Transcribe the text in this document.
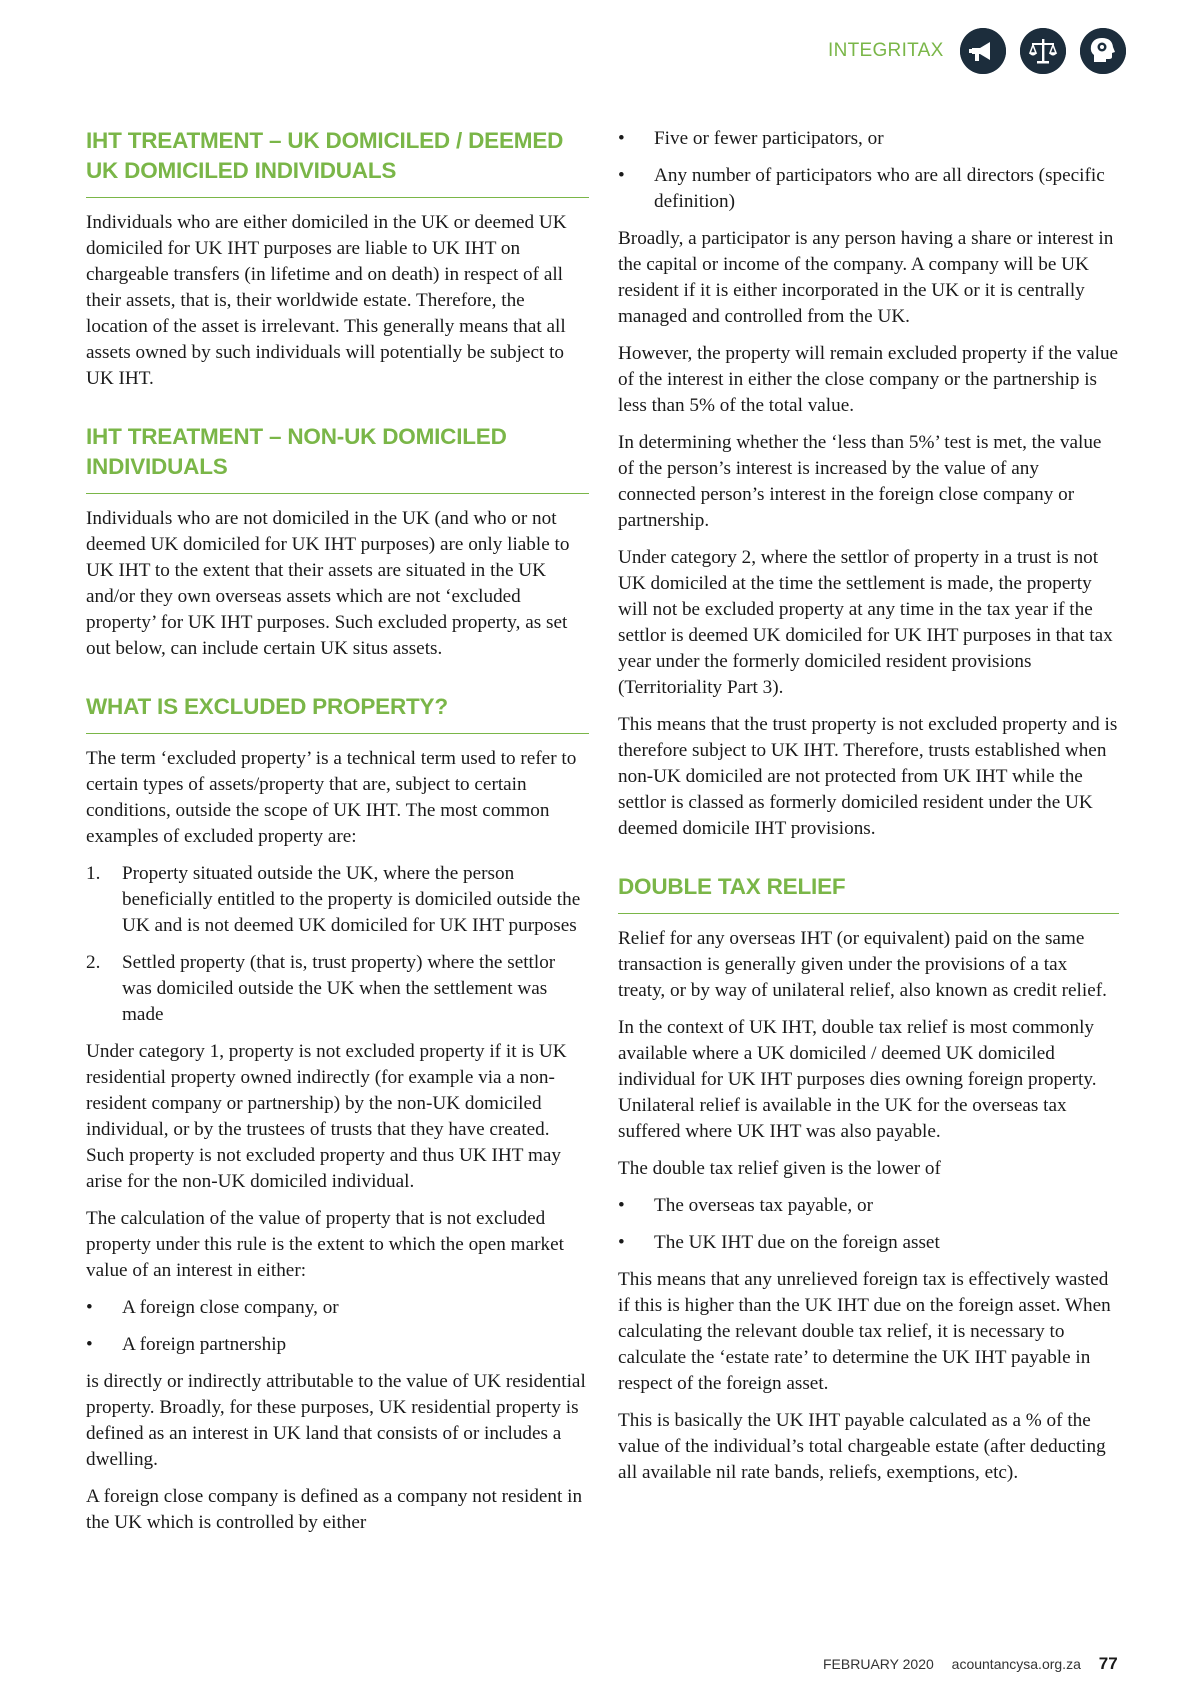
INTEGRITAX
IHT TREATMENT – UK DOMICILED / DEEMED UK DOMICILED INDIVIDUALS

Individuals who are either domiciled in the UK or deemed UK domiciled for UK IHT purposes are liable to UK IHT on chargeable transfers (in lifetime and on death) in respect of all their assets, that is, their worldwide estate. Therefore, the location of the asset is irrelevant. This generally means that all assets owned by such individuals will potentially be subject to UK IHT.

IHT TREATMENT – NON-UK DOMICILED INDIVIDUALS

Individuals who are not domiciled in the UK (and who or not deemed UK domiciled for UK IHT purposes) are only liable to UK IHT to the extent that their assets are situated in the UK and/or they own overseas assets which are not ‘excluded property’ for UK IHT purposes. Such excluded property, as set out below, can include certain UK situs assets.

WHAT IS EXCLUDED PROPERTY?

The term ‘excluded property’ is a technical term used to refer to certain types of assets/property that are, subject to certain conditions, outside the scope of UK IHT. The most common examples of excluded property are:

1. Property situated outside the UK, where the person beneficially entitled to the property is domiciled outside the UK and is not deemed UK domiciled for UK IHT purposes
2. Settled property (that is, trust property) where the settlor was domiciled outside the UK when the settlement was made

Under category 1, property is not excluded property if it is UK residential property owned indirectly (for example via a non-resident company or partnership) by the non-UK domiciled individual, or by the trustees of trusts that they have created. Such property is not excluded property and thus UK IHT may arise for the non-UK domiciled individual.

The calculation of the value of property that is not excluded property under this rule is the extent to which the open market value of an interest in either:

• A foreign close company, or
• A foreign partnership

is directly or indirectly attributable to the value of UK residential property. Broadly, for these purposes, UK residential property is defined as an interest in UK land that consists of or includes a dwelling.

A foreign close company is defined as a company not resident in the UK which is controlled by either

• Five or fewer participators, or
• Any number of participators who are all directors (specific definition)

Broadly, a participator is any person having a share or interest in the capital or income of the company. A company will be UK resident if it is either incorporated in the UK or it is centrally managed and controlled from the UK.

However, the property will remain excluded property if the value of the interest in either the close company or the partnership is less than 5% of the total value.

In determining whether the ‘less than 5%’ test is met, the value of the person’s interest is increased by the value of any connected person’s interest in the foreign close company or partnership.

Under category 2, where the settlor of property in a trust is not UK domiciled at the time the settlement is made, the property will not be excluded property at any time in the tax year if the settlor is deemed UK domiciled for UK IHT purposes in that tax year under the formerly domiciled resident provisions (Territoriality Part 3).

This means that the trust property is not excluded property and is therefore subject to UK IHT. Therefore, trusts established when non-UK domiciled are not protected from UK IHT while the settlor is classed as formerly domiciled resident under the UK deemed domicile IHT provisions.

DOUBLE TAX RELIEF

Relief for any overseas IHT (or equivalent) paid on the same transaction is generally given under the provisions of a tax treaty, or by way of unilateral relief, also known as credit relief.

In the context of UK IHT, double tax relief is most commonly available where a UK domiciled / deemed UK domiciled individual for UK IHT purposes dies owning foreign property. Unilateral relief is available in the UK for the overseas tax suffered where UK IHT was also payable.

The double tax relief given is the lower of

• The overseas tax payable, or
• The UK IHT due on the foreign asset

This means that any unrelieved foreign tax is effectively wasted if this is higher than the UK IHT due on the foreign asset. When calculating the relevant double tax relief, it is necessary to calculate the ‘estate rate’ to determine the UK IHT payable in respect of the foreign asset.

This is basically the UK IHT payable calculated as a % of the value of the individual’s total chargeable estate (after deducting all available nil rate bands, reliefs, exemptions, etc).

FEBRUARY 2020 acountancysa.org.za 77
